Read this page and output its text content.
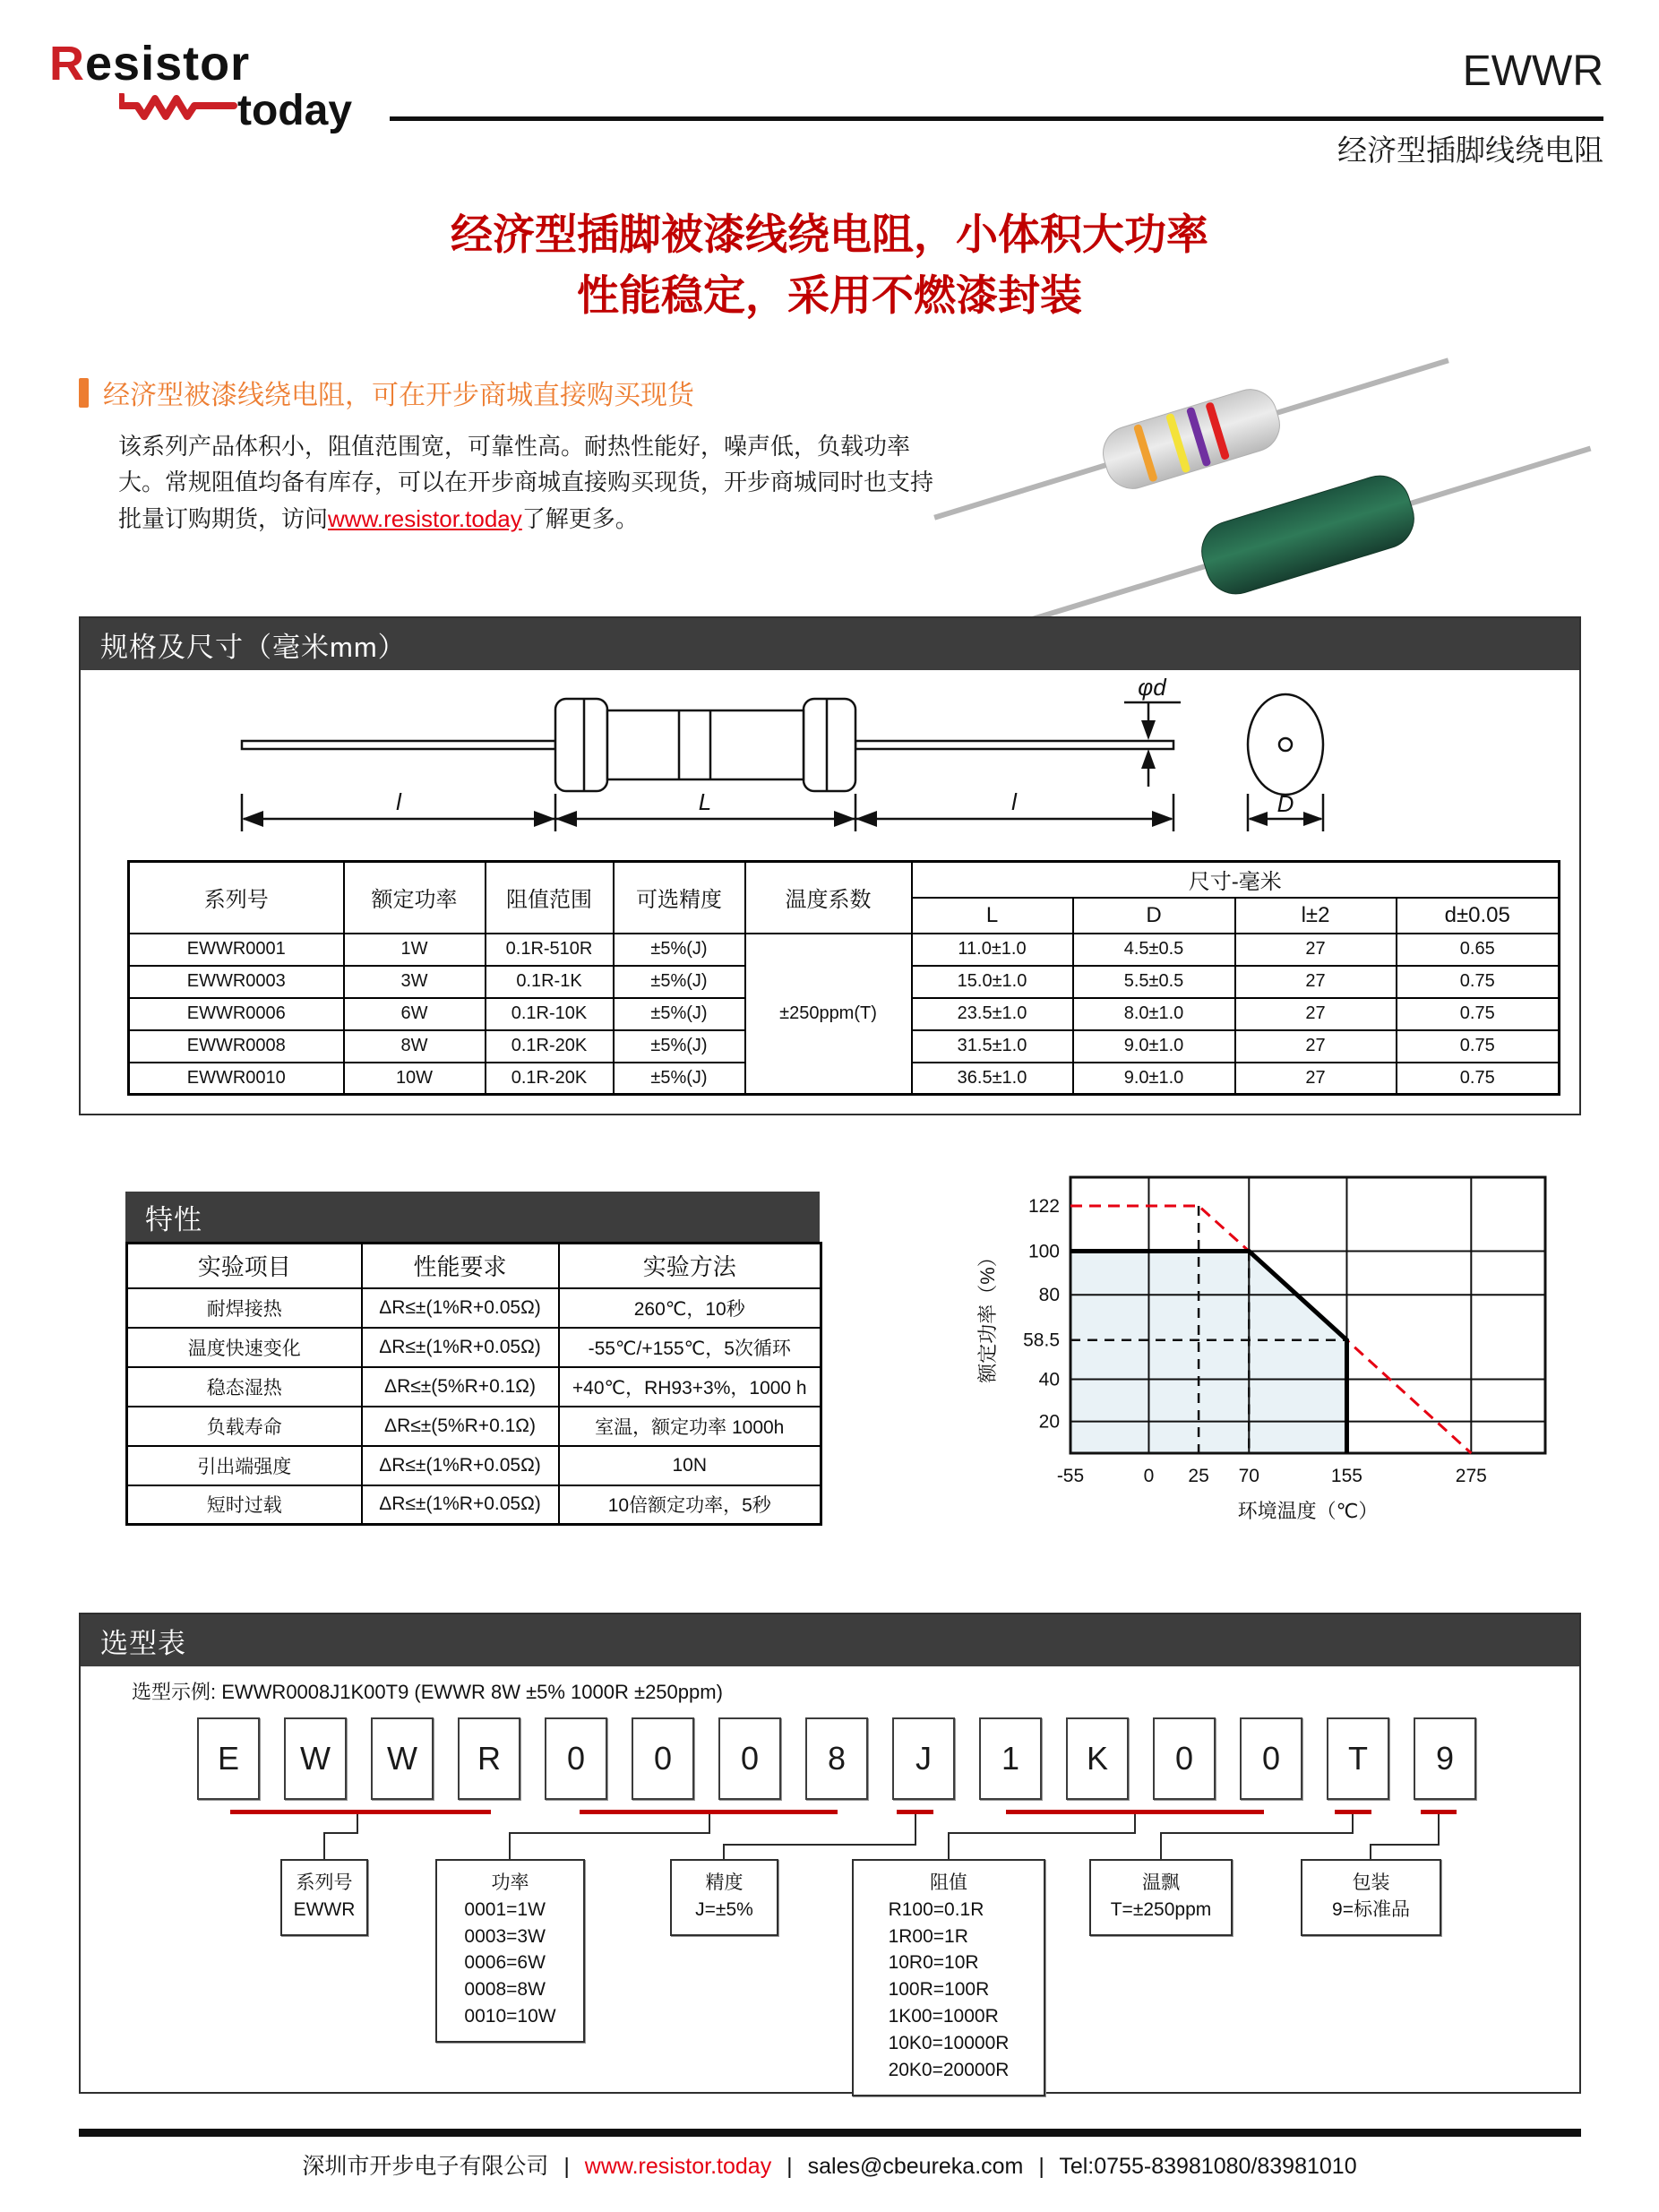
Resistor
today
EWWR
经济型插脚线绕电阻
经济型插脚被漆线绕电阻，小体积大功率
性能稳定，采用不燃漆封装
经济型被漆线绕电阻，可在开步商城直接购买现货
该系列产品体积小，阻值范围宽，可靠性高。耐热性能好，噪声低，负载功率大。常规阻值均备有库存，可以在开步商城直接购买现货，开步商城同时也支持批量订购期货，访问www.resistor.today了解更多。
规格及尺寸（毫米mm）
l	L	l	D
φd
系列号	额定功率	阻值范围	可选精度	温度系数	尺寸-毫米			
					L	D	l±2	d±0.05
EWWR0001	1W	0.1R-510R	±5%(J)	±250ppm(T)	11.0±1.0	4.5±0.5	27	0.65
EWWR0003	3W	0.1R-1K	±5%(J)		15.0±1.0	5.5±0.5	27	0.75
EWWR0006	6W	0.1R-10K	±5%(J)		23.5±1.0	8.0±1.0	27	0.75
EWWR0008	8W	0.1R-20K	±5%(J)		31.5±1.0	9.0±1.0	27	0.75
EWWR0010	10W	0.1R-20K	±5%(J)		36.5±1.0	9.0±1.0	27	0.75
特性
实验项目	性能要求	实验方法
耐焊接热	ΔR≤±(1%R+0.05Ω)	260℃，10秒
温度快速变化	ΔR≤±(1%R+0.05Ω)	-55℃/+155℃，5次循环
稳态湿热	ΔR≤±(5%R+0.1Ω)	+40℃，RH93+3%，1000 h
负载寿命	ΔR≤±(5%R+0.1Ω)	室温，额定功率 1000h
引出端强度	ΔR≤±(1%R+0.05Ω)	10N
短时过载	ΔR≤±(1%R+0.05Ω)	10倍额定功率，5秒
122
100
80
58.5
40
20
-55	0 25 70	155	275
环境温度（℃）
额定功率（%）
选型表
选型示例: EWWR0008J1K00T9 (EWWR 8W ±5% 1000R ±250ppm)
E	W	W	R	0	0	0	8	J	1	K	0	0	T	9
系列号
EWWR
功率
0001=1W
0003=3W
0006=6W
0008=8W
0010=10W
精度
J=±5%
阻值
R100=0.1R
1R00=1R
10R0=10R
100R=100R
1K00=1000R
10K0=10000R
20K0=20000R
温飘
T=±250ppm
包装
9=标准品
深圳市开步电子有限公司 | www.resistor.today | sales@cbeureka.com | Tel:0755-83981080/83981010
